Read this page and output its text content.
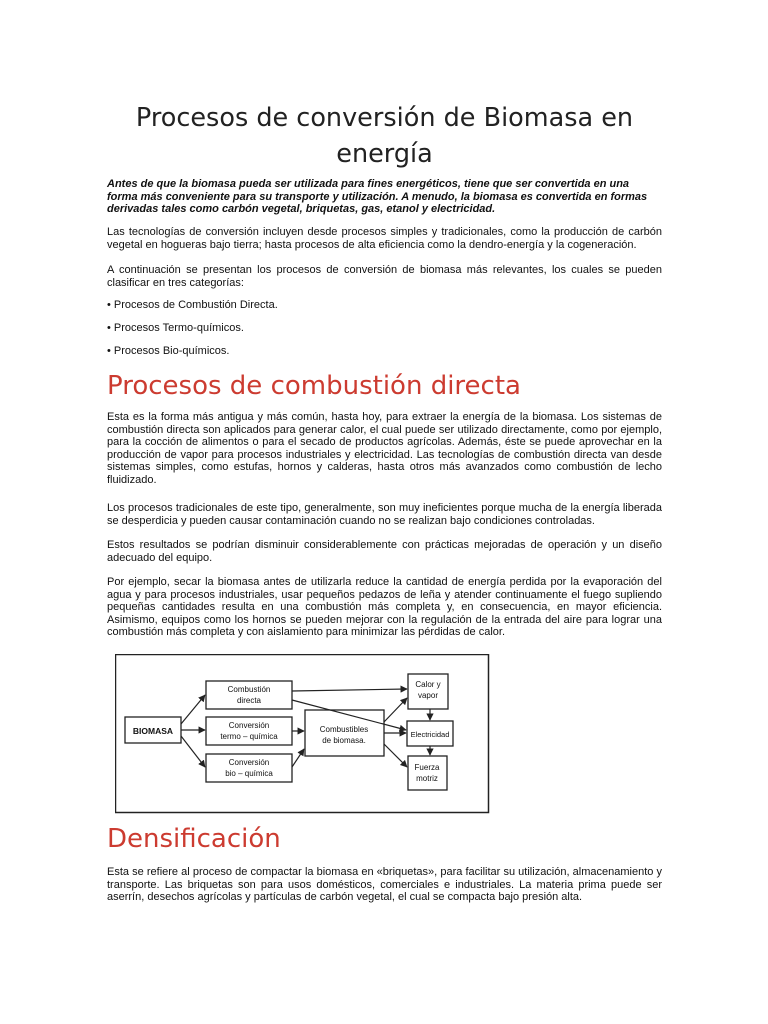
Procesos de conversión de Biomasa en energía

Antes de que la biomasa pueda ser utilizada para fines energéticos, tiene que ser convertida en una forma más conveniente para su transporte y utilización. A menudo, la biomasa es convertida en formas derivadas tales como carbón vegetal, briquetas, gas, etanol y electricidad.

Las tecnologías de conversión incluyen desde procesos simples y tradicionales, como la producción de carbón vegetal en hogueras bajo tierra; hasta procesos de alta eficiencia como la dendro-energía y la cogeneración.

A continuación se presentan los procesos de conversión de biomasa más relevantes, los cuales se pueden clasificar en tres categorías:

• Procesos de Combustión Directa.
• Procesos Termo-químicos.
• Procesos Bio-químicos.
Procesos de combustión directa

Esta es la forma más antigua y más común, hasta hoy, para extraer la energía de la biomasa. Los sistemas de combustión directa son aplicados para generar calor, el cual puede ser utilizado directamente, como por ejemplo, para la cocción de alimentos o para el secado de productos agrícolas. Además, éste se puede aprovechar en la producción de vapor para procesos industriales y electricidad. Las tecnologías de combustión directa van desde sistemas simples, como estufas, hornos y calderas, hasta otros más avanzados como combustión de lecho fluidizado.

Los procesos tradicionales de este tipo, generalmente, son muy ineficientes porque mucha de la energía liberada se desperdicia y pueden causar contaminación cuando no se realizan bajo condiciones controladas.

Estos resultados se podrían disminuir considerablemente con prácticas mejoradas de operación y un diseño adecuado del equipo.

Por ejemplo, secar la biomasa antes de utilizarla reduce la cantidad de energía perdida por la evaporación del agua y para procesos industriales, usar pequeños pedazos de leña y atender continuamente el fuego supliendo pequeñas cantidades resulta en una combustión más completa y, en consecuencia, en mayor eficiencia. Asimismo, equipos como los hornos se pueden mejorar con la regulación de la entrada del aire para lograr una combustión más completa y con aislamiento para minimizar las pérdidas de calor.

BIOMASA
Combustión
directa
Conversión
termo – química
Conversión
bio – química
Combustibles
de biomasa.
Calor y
vapor
Electricidad
Fuerza
motriz
Densificación

Esta se refiere al proceso de compactar la biomasa en «briquetas», para facilitar su utilización, almacenamiento y transporte. Las briquetas son para usos domésticos, comerciales e industriales. La materia prima puede ser aserrín, desechos agrícolas y partículas de carbón vegetal, el cual se compacta bajo presión alta.
